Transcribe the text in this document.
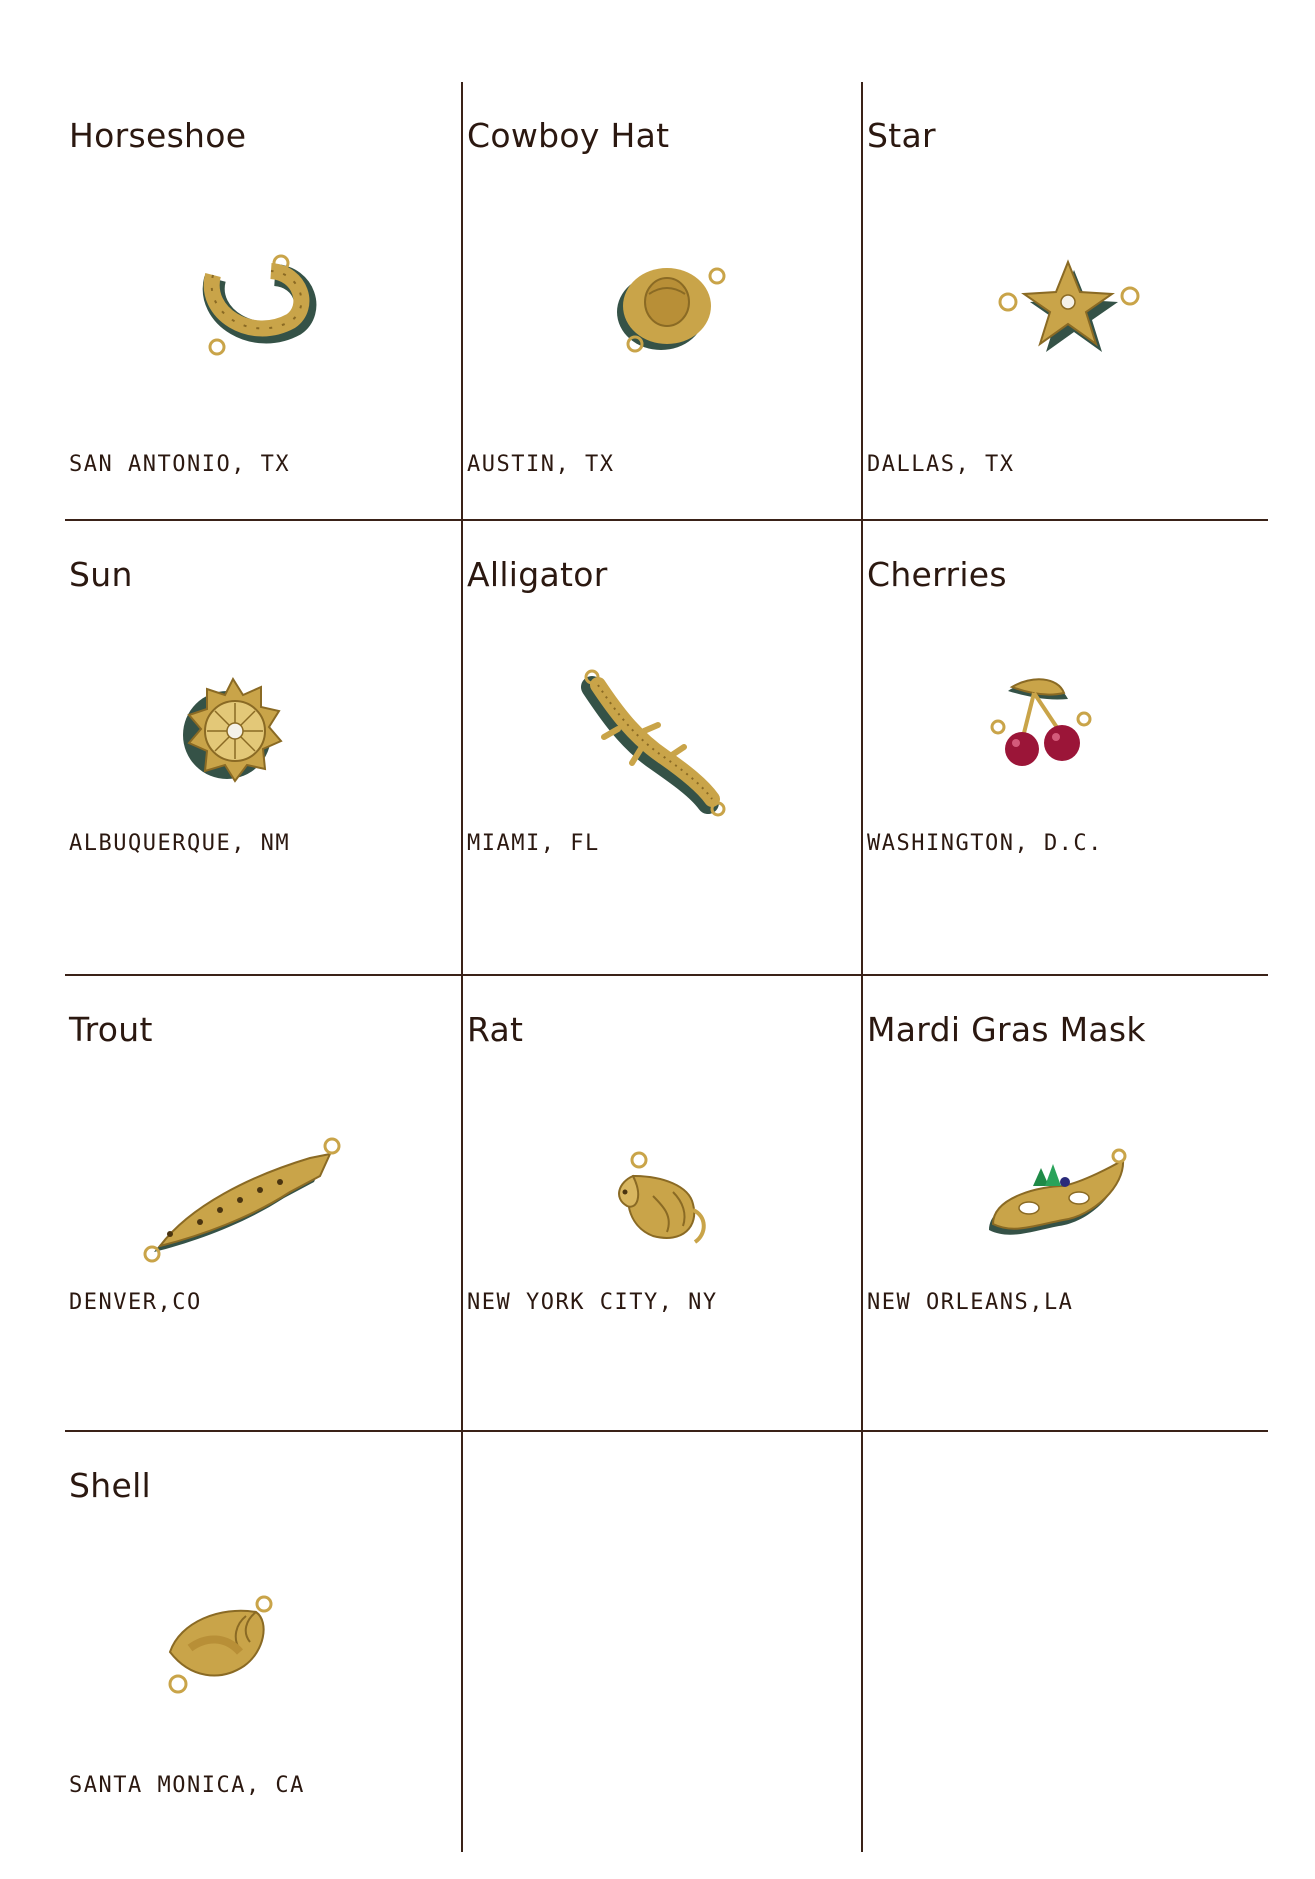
Horseshoe
SAN ANTONIO, TX
Cowboy Hat
AUSTIN, TX
Star
DALLAS, TX
Sun
ALBUQUERQUE, NM
Alligator
MIAMI, FL
Cherries
WASHINGTON, D.C.
Trout
DENVER,CO
Rat
NEW YORK CITY, NY
Mardi Gras Mask
NEW ORLEANS,LA
Shell
SANTA MONICA, CA
